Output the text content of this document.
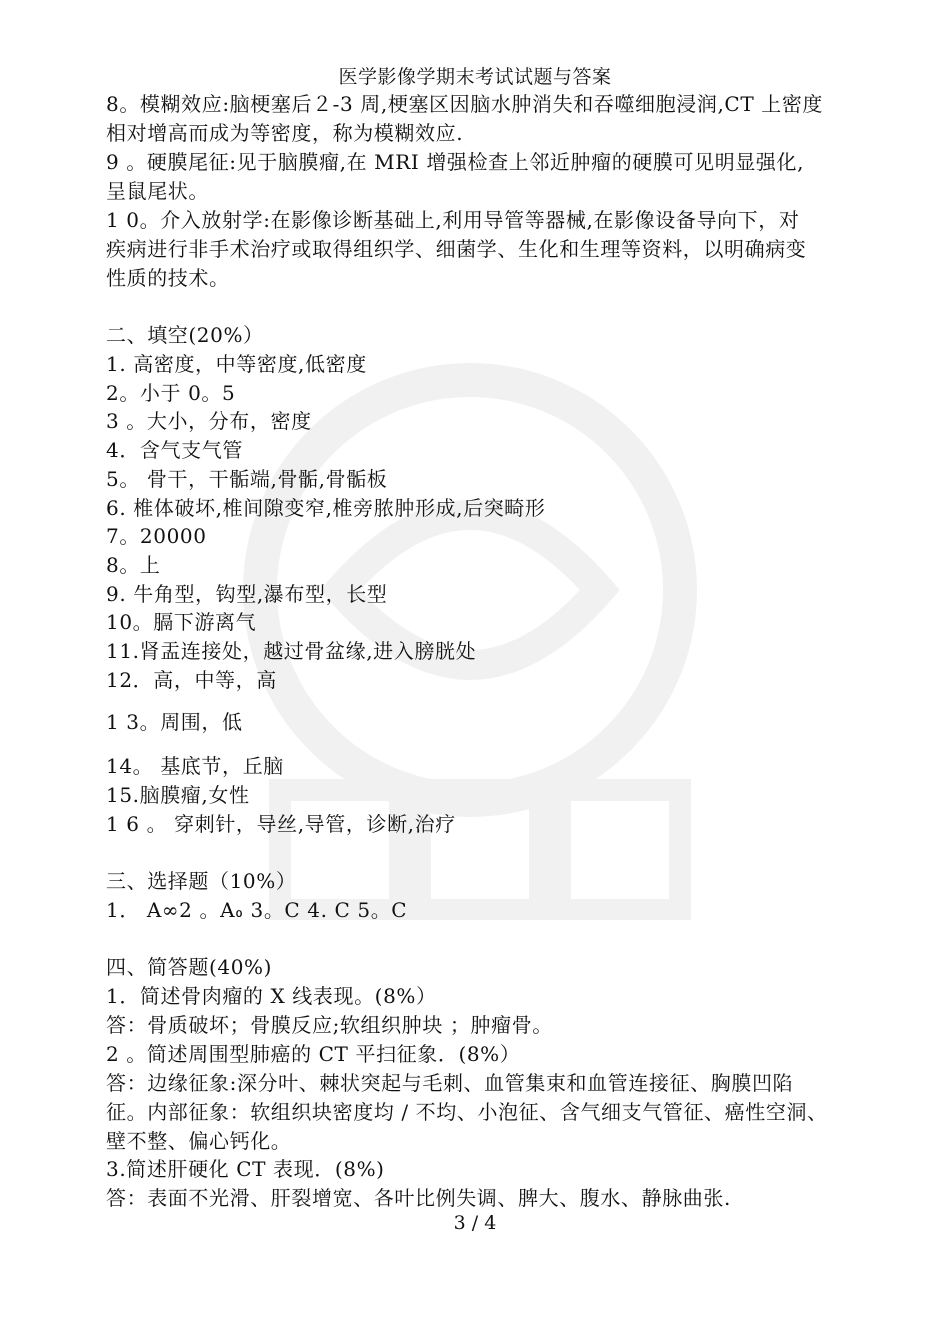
医学影像学期末考试试题与答案
8。模糊效应:脑梗塞后２-3 周,梗塞区因脑水肿消失和吞噬细胞浸润,CT 上密度
相对增高而成为等密度，称为模糊效应.
9 。硬膜尾征:见于脑膜瘤,在 MRI 增强检查上邻近肿瘤的硬膜可见明显强化,
呈鼠尾状。
1 0。介入放射学:在影像诊断基础上,利用导管等器械,在影像设备导向下，对
疾病进行非手术治疗或取得组织学、细菌学、生化和生理等资料，以明确病变
性质的技术。
二、填空(20%）
1. 高密度，中等密度,低密度
2。小于 0。5
3 。大小，分布，密度
4．含气支气管
5。 骨干，干骺端,骨骺,骨骺板
6. 椎体破坏,椎间隙变窄,椎旁脓肿形成,后突畸形
7。20000
8。上
9. 牛角型，钩型,瀑布型，长型
10。膈下游离气
11.肾盂连接处，越过骨盆缘,进入膀胱处
12．高，中等，高
1 3。周围，低
14。 基底节，丘脑
15.脑膜瘤,女性
1 6 。 穿刺针，导丝,导管，诊断,治疗
三、选择题（10%）
1． A∞2 。A៰ 3。C 4. C 5。C
四、简答题(40%)
1．简述骨肉瘤的 X 线表现。(8%）
答：骨质破坏；骨膜反应;软组织肿块 ；肿瘤骨。
2 。简述周围型肺癌的 CT 平扫征象．(8%）
答：边缘征象:深分叶、棘状突起与毛刺、血管集束和血管连接征、胸膜凹陷
征。内部征象：软组织块密度均 / 不均、小泡征、含气细支气管征、癌性空洞、
壁不整、偏心钙化。
3.简述肝硬化 CT 表现．(8%)
答：表面不光滑、肝裂增宽、各叶比例失调、脾大、腹水、静脉曲张.
3 / 4
